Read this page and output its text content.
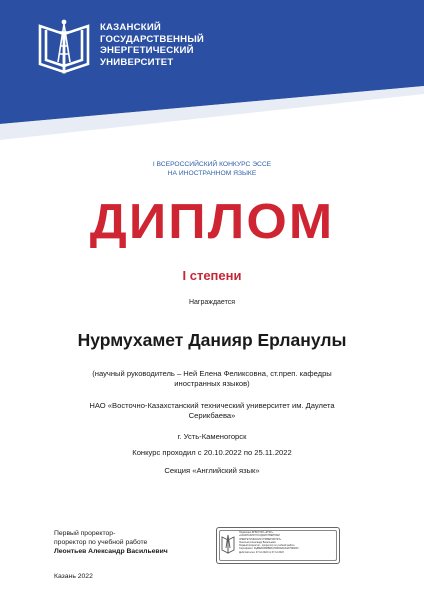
КАЗАНСКИЙ
ГОСУДАРСТВЕННЫЙ
ЭНЕРГЕТИЧЕСКИЙ
УНИВЕРСИТЕТ
I ВСЕРОССИЙСКИЙ КОНКУРС ЭССЕ
НА ИНОСТРАННОМ ЯЗЫКЕ
ДИПЛОМ
I степени
Награждается
Нурмухамет Данияр Ерланулы
(научный руководитель – Ней Елена Феликсовна, ст.преп. кафедры
иностранных языков)
НАО «Восточно-Казахстанский технический университет им. Даулета
Серикбаева»
г. Усть-Каменогорск
Конкурс проходил с 20.10.2022 по 25.11.2022
Секция «Английский язык»
Первый проректор-
проректор по учебной работе
Леонтьев Александр Васильевич
Подписано ФГБОУ ВО «КГЭУ»,
«КАЗАНСКИЙ ГОСУДАРСТВЕННЫЙ
ЭНЕРГЕТИЧЕСКИЙ УНИВЕРСИТЕТ»
Леонтьев Александр Васильевич
Первый проректор - проректор по учебной работе
Сертификат: 01Д8E81F88B8A4700000A0A4A7590003
Действителен: 07.12.2022 по 07.12.2023
Казань 2022
